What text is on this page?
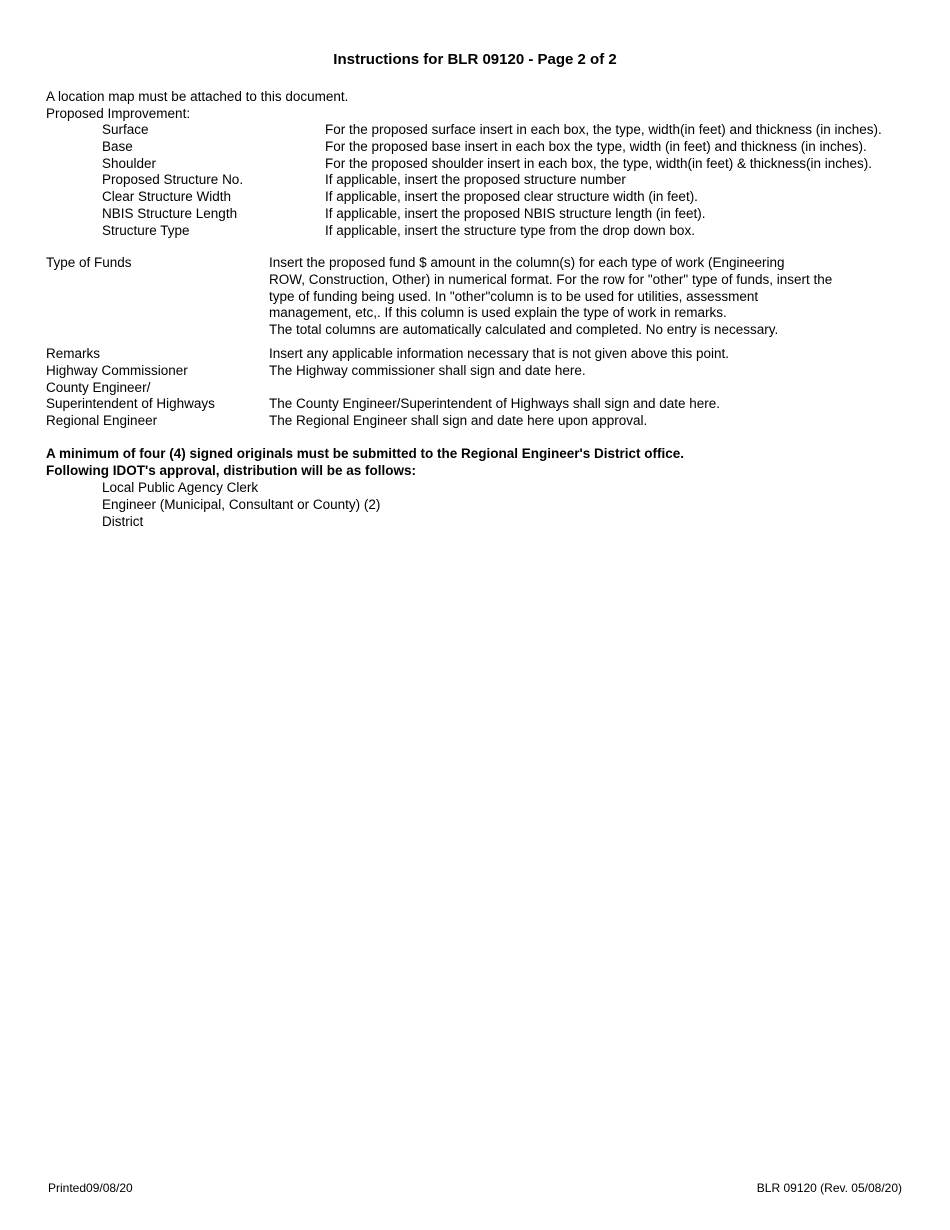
Instructions for BLR 09120 - Page 2 of 2
A location map must be attached to this document.
Proposed Improvement:
Surface
Base
Shoulder
Proposed Structure No.
Clear Structure Width
NBIS Structure Length
Structure Type
For the proposed surface insert in each box, the type, width(in feet) and thickness (in inches).
For the proposed base insert in each box the type, width (in feet) and thickness (in inches).
For the proposed shoulder insert in each box, the type, width(in feet) & thickness(in inches).
If applicable, insert the proposed structure number
If applicable, insert the proposed clear structure width (in feet).
If applicable, insert the proposed NBIS structure length (in feet).
If applicable, insert the structure type from the drop down box.
Type of Funds	Insert the proposed fund $ amount in the column(s) for each type of work (Engineering
ROW, Construction, Other) in numerical format. For the row for "other" type of funds, insert the
type of funding being used. In "other"column is to be used for utilities, assessment
management, etc,. If this column is used explain the type of work in remarks.
The total columns are automatically calculated and completed. No entry is necessary.
Remarks
Highway Commissioner
County Engineer/
Superintendent of Highways
Regional Engineer
Insert any applicable information necessary that is not given above this point.
The Highway commissioner shall sign and date here.
The County Engineer/Superintendent of Highways shall sign and date here.
The Regional Engineer shall sign and date here upon approval.
A minimum of four (4) signed originals must be submitted to the Regional Engineer's District office.
Following IDOT's approval, distribution will be as follows:
Local Public Agency Clerk
Engineer (Municipal, Consultant or County) (2)
District
Printed09/08/20	BLR 09120 (Rev. 05/08/20)
